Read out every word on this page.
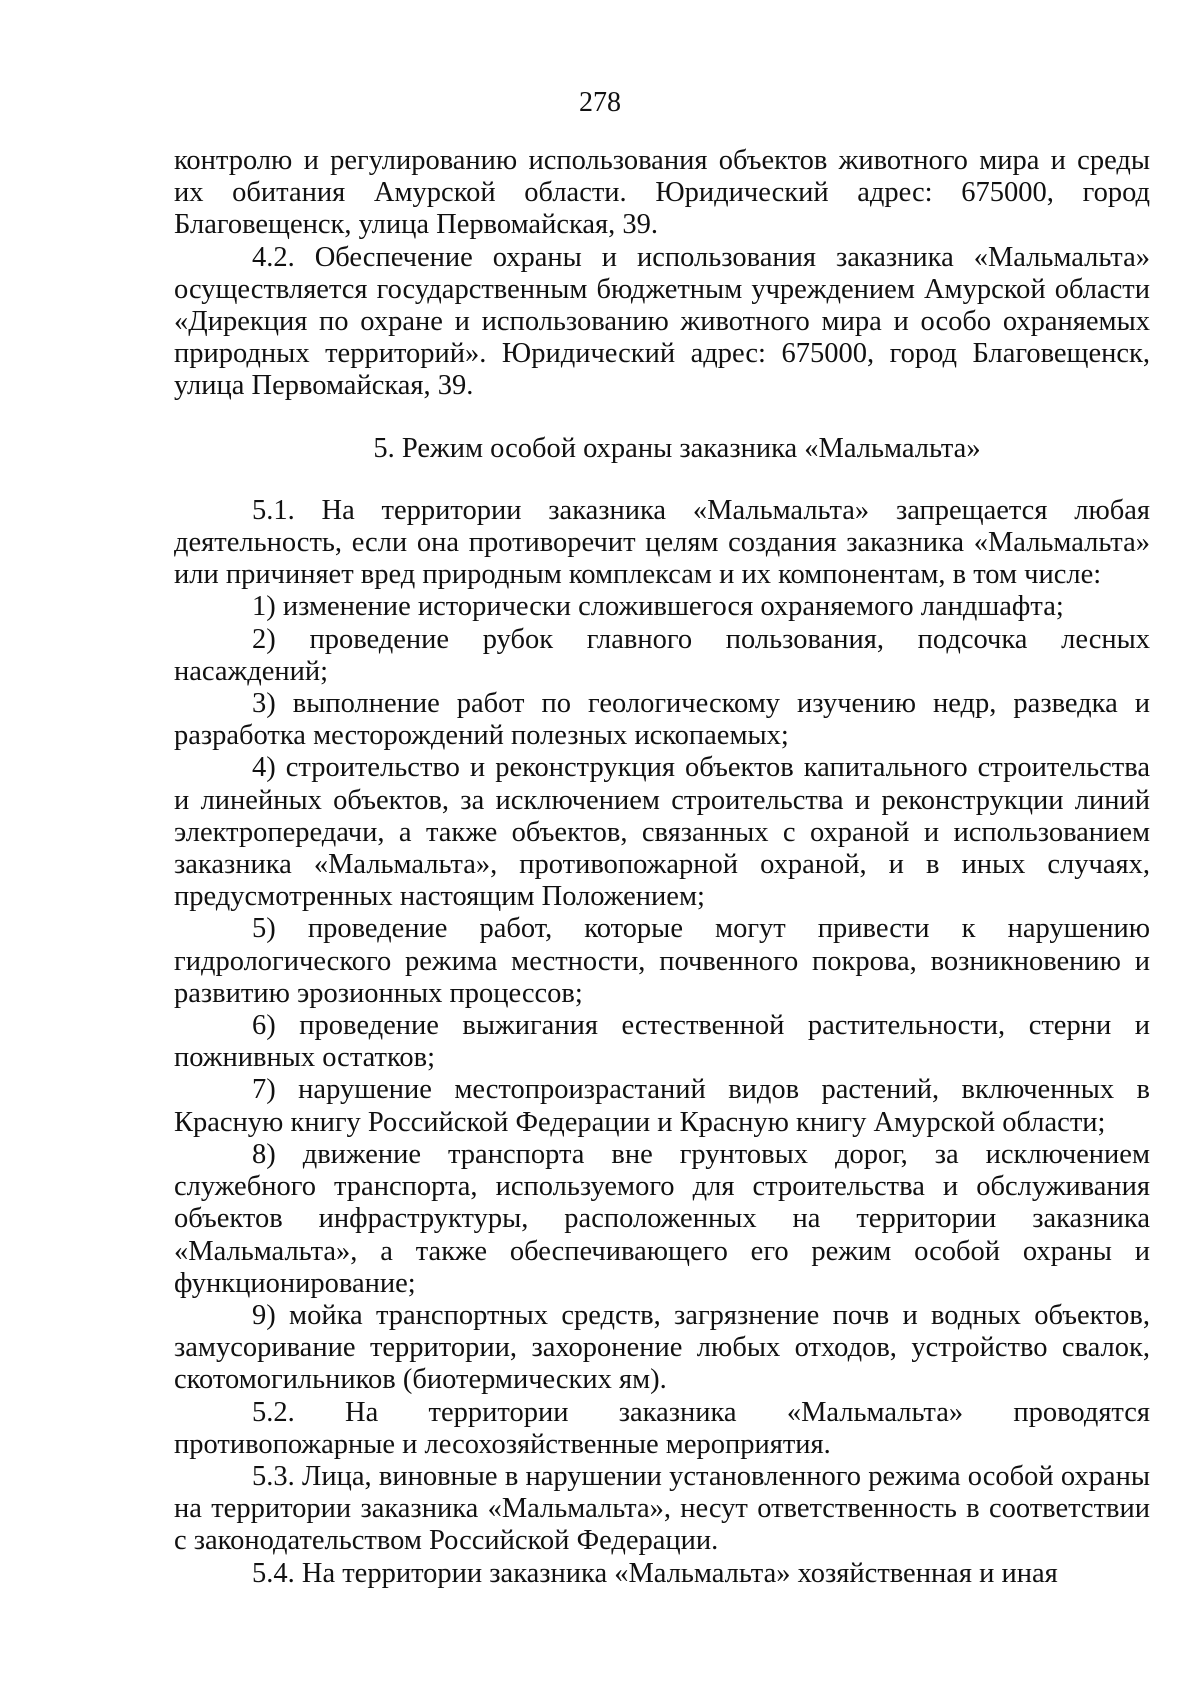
278

контролю и регулированию использования объектов животного мира и среды их обитания Амурской области. Юридический адрес: 675000, город Благовещенск, улица Первомайская, 39.

4.2. Обеспечение охраны и использования заказника «Мальмальта» осуществляется государственным бюджетным учреждением Амурской области «Дирекция по охране и использованию животного мира и особо охраняемых природных территорий». Юридический адрес: 675000, город Благовещенск, улица Первомайская, 39.

5. Режим особой охраны заказника «Мальмальта»

5.1. На территории заказника «Мальмальта» запрещается любая деятельность, если она противоречит целям создания заказника «Мальмальта» или причиняет вред природным комплексам и их компонентам, в том числе:

1) изменение исторически сложившегося охраняемого ландшафта;

2) проведение рубок главного пользования, подсочка лесных насаждений;

3) выполнение работ по геологическому изучению недр, разведка и разработка месторождений полезных ископаемых;

4) строительство и реконструкция объектов капитального строительства и линейных объектов, за исключением строительства и реконструкции линий электропередачи, а также объектов, связанных с охраной и использованием заказника «Мальмальта», противопожарной охраной, и в иных случаях, предусмотренных настоящим Положением;

5) проведение работ, которые могут привести к нарушению гидрологического режима местности, почвенного покрова, возникновению и развитию эрозионных процессов;

6) проведение выжигания естественной растительности, стерни и пожнивных остатков;

7) нарушение местопроизрастаний видов растений, включенных в Красную книгу Российской Федерации и Красную книгу Амурской области;

8) движение транспорта вне грунтовых дорог, за исключением служебного транспорта, используемого для строительства и обслуживания объектов инфраструктуры, расположенных на территории заказника «Мальмальта», а также обеспечивающего его режим особой охраны и функционирование;

9) мойка транспортных средств, загрязнение почв и водных объектов, замусоривание территории, захоронение любых отходов, устройство свалок, скотомогильников (биотермических ям).

5.2. На территории заказника «Мальмальта» проводятся противопожарные и лесохозяйственные мероприятия.

5.3. Лица, виновные в нарушении установленного режима особой охраны на территории заказника «Мальмальта», несут ответственность в соответствии с законодательством Российской Федерации.

5.4. На территории заказника «Мальмальта» хозяйственная и иная
